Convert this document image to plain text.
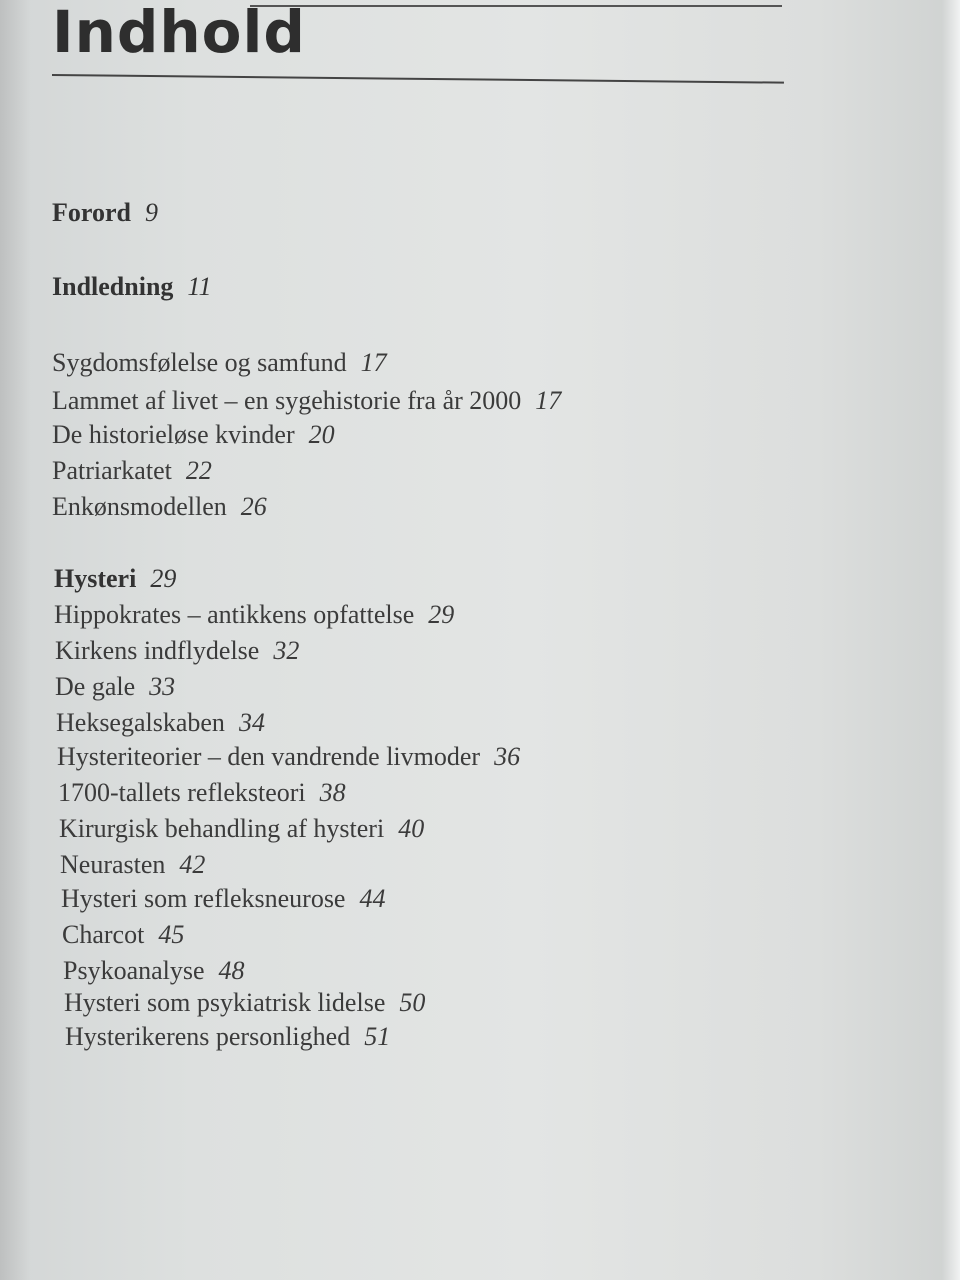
Indhold
Forord 9
Indledning 11
Sygdomsfølelse og samfund 17
Lammet af livet – en sygehistorie fra år 2000 17
De historieløse kvinder 20
Patriarkatet 22
Enkønsmodellen 26
Hysteri 29
Hippokrates – antikkens opfattelse 29
Kirkens indflydelse 32
De gale 33
Heksegalskaben 34
Hysteriteorier – den vandrende livmoder 36
1700-tallets refleksteori 38
Kirurgisk behandling af hysteri 40
Neurasten 42
Hysteri som refleksneurose 44
Charcot 45
Psykoanalyse 48
Hysteri som psykiatrisk lidelse 50
Hysterikerens personlighed 51
